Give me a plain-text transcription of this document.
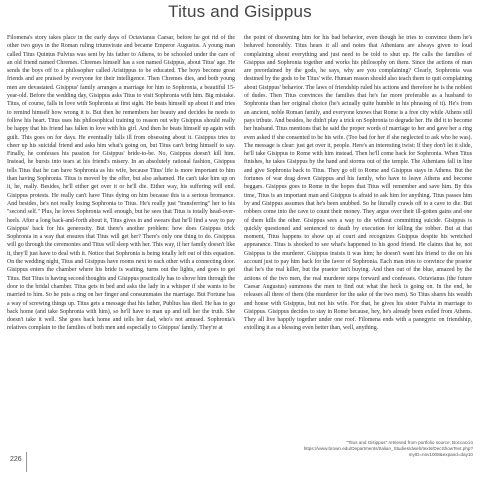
Titus and Gisippus

Filomena's story takes place in the early days of Octavianus Caesar, before he got rid of the other two guys in the Roman ruling triumvirate and became Emperor Augustus. A young man called Titus Quintus Fulvius was sent by his father to Athens, to be schooled under the care of an old friend named Chremes. Chremes himself has a son named Gisippus, about Titus' age. He sends the boys off to a philosopher called Aristippus to be educated. The boys become great friends and are praised by everyone for their intelligence. Then Chremes dies, and both young men are devastated. Gisippus' family arranges a marriage for him to Sophronia, a beautiful 15-year-old. Before the wedding day, Gisippus asks Titus to visit Sophronia with him. Big mistake. Titus, of course, falls in love with Sophronia at first sight. He beats himself up about it and tries to remind himself how wrong it is. But then he remembers her beauty and decides he needs to follow his heart. Titus uses his philosophical training to reason out why Gisippus should really be happy that his friend has fallen in love with his girl. And then he beats himself up again with guilt. This goes on for days. He eventually falls ill from obsessing about it. Gisippus tries to cheer up his suicidal friend and asks him what's going on, but Titus can't bring himself to say. Finally, he confesses his passion for Gisippus' bride-to-be. No, Gisippus doesn't kill him. Instead, he bursts into tears at his friend's misery. In an absolutely rational fashion, Gisippus tells Titus that he can have Sophronia as his wife, because Titus' life is more important to him than having Sophronia. Titus is moved by the offer, but also ashamed. He can't take him up on it, he, really. Besides, he'll either get over it or he'll die. Either way, his suffering will end. Gisippus protests. He really can't have Titus dying on him because this is a serious bromance. And besides, he's not really losing Sophronia to Titus. He's really just "transferring" her to his "second self." Plus, he loves Sophronia well enough, but he sees that Titus is totally head-over-heels. After a long back-and-forth about it, Titus gives in and swears that he'll find a way to pay Gisippus' back for his generosity. But there's another problem: how does Gisippus trick Sophronia in a way that ensures that Titus will get her? There's only one thing to do. Gisippus will go through the ceremonies and Titus will sleep with her. This way, if her family doesn't like it, they'll just have to deal with it. Notice that Sophronia is being totally left out of this equation. On the wedding night, Titus and Gisippus have rooms next to each other with a connecting door. Gisippus enters the chamber where his bride is waiting, turns out the lights, and goes to get Titus. But Titus is having second thoughts and Gisippus practically has to shove him through the door to the bridal chamber. Titus gets in bed and asks the lady in a whisper if she wants to be married to him. So he puts a ring on her finger and consummates the marriage. But Fortune has a way of screwing things up. Titus gets a message that his father, Publius has died. He has to go back home (and take Sophronia with him), so he'll have to man up and tell her the truth. She doesn't take it well. She goes back home and tells her dad, who's not amused. Sophronia's relatives complain to the families of both men and especially to Gisippus' family. They're at

the point of disowning him for his bad behavior, even though he tries to convince them he's behaved honorably. Titus hears it all and notes that Athenians are always given to loud complaining about everything and just need to be told to shut up. He calls the families of Gisippus and Sophronia together and works his philosophy on them. Since the actions of man are preordained by the gods, he says, why are you complaining? Clearly, Sophronia was destined by the gods to be Titus' wife. Human reason should also teach them to quit complaining about Gisippus' behavior. The laws of friendship ruled his actions and therefore he is the noblest of dudes. Then Titus convinces the families that he's far more preferable as a husband to Sophronia than her original choice (he's actually quite humble in his phrasing of it). He's from an ancient, noble Roman family, and everyone knows that Rome is a free city while Athens still pays tribute. And besides, he didn't play a trick on Sophronia to degrade her. He did it to become her husband. Titus mentions that he said the proper words of marriage to her and gave her a ring even asked if she consented to be his wife. (Too bad for her if she neglected to ask who he was). The message is clear: just get over it, people. Here's an interesting twist: If they don't let it slide, he'll take Gisippus to Rome with him instead. Then he'll come back for Sophronia. When Titus finishes, he takes Gisippus by the hand and storms out of the temple. The Athenians fall in line and give Sophronia back to Titus. They go off to Rome and Gisippus stays in Athens. But the fortunes of war drag down Gisippus and his family, who have to leave Athens and become beggars. Gisippus goes to Rome in the hopes that Titus will remember and save him. By this time, Titus is an important man and Gisippus is afraid to ask him for anything. Titus passes him by and Gisippus assumes that he's been snubbed. So he literally crawls off to a cave to die. But robbers come into the cave to count their money. They argue over their ill-gotten gains and one of them kills the other. Gisippus sees a way to die without committing suicide. Gisippus is quickly questioned and sentenced to death by execution for killing the robber. But at that moment, Titus happens to show up at court and recognizes Gisippus despite his wretched appearance. Titus is shocked to see what's happened to his good friend. He claims that he, not Gisippus is the murderer. Gisippus insists it was him; he doesn't want his friend to die on his account just to pay him back for the favor of Sophronia. Each man tries to convince the praetor that he's the real killer, but the praetor isn't buying. And then out of the blue, amazed by the actions of the two men, the real murderer steps forward and confesses. Octavianus (the future Caesar Augustus) summons the men to find out what the heck is going on. In the end, he releases all three of them (the murderer for the sake of the two men). So Titus shares his wealth and house with Gisippus, but not his wife. For that, he gives his sister Fulvia in marriage to Gisippus. Gisippus decides to stay in Rome because, hey, he's already been exiled from Athens. They all live happily together under one roof. Filomena ends with a panegyric on friendship, extolling it as a blessing even better than, well, anything.

"Titus and Gisippus" retrieved from portfolio source; Boccaccio
https://www.brown.edu/Departments/Italian_Studies/dweb/texts/DecShowText.php?myID=nov1008&expand=day10
226
